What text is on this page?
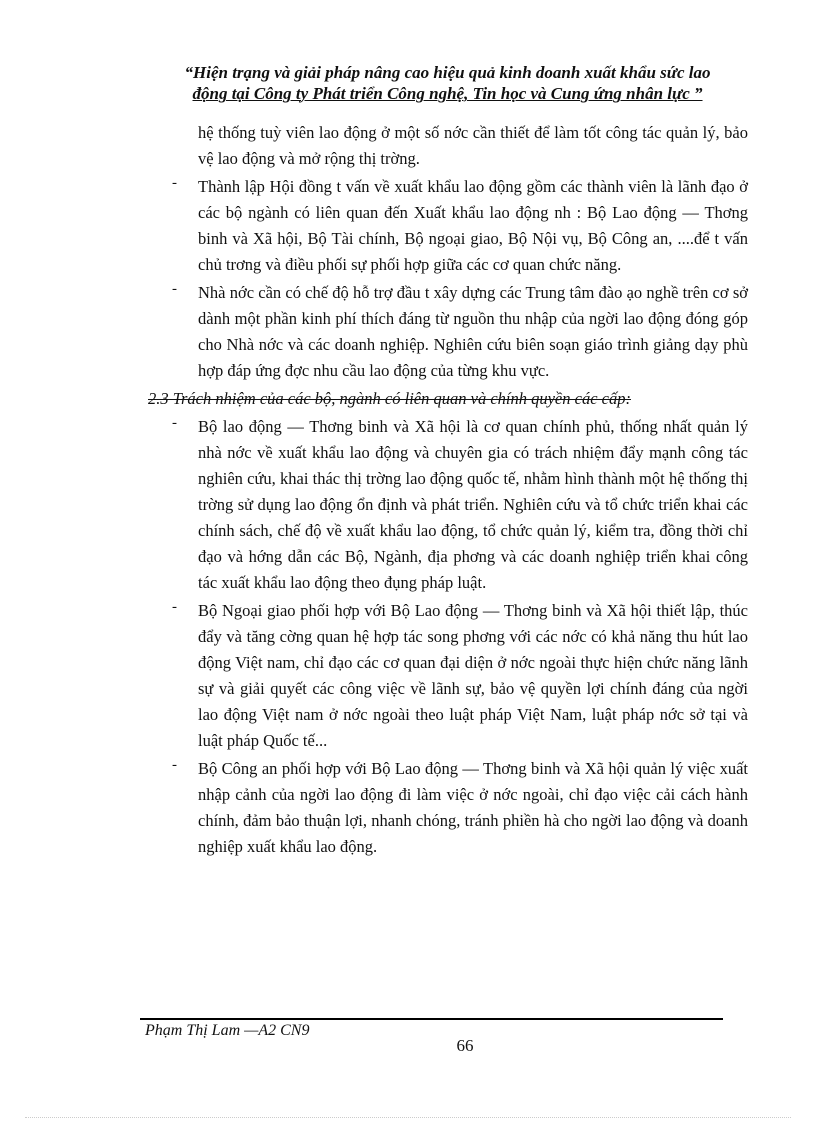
“Hiện trạng và giải pháp nâng cao hiệu quả kinh doanh xuất khẩu sức lao
động tại Công ty Phát triển Công nghệ, Tin học và Cung ứng nhân lực ”
hệ thống tuỳ viên lao động ở một số nớc cần thiết để làm tốt công tác quản lý, bảo vệ lao động và mở rộng thị trờng.
- Thành lập Hội đồng t vấn về xuất khẩu lao động gồm các thành viên là lãnh đạo ở các bộ ngành có liên quan đến Xuất khẩu lao động nh : Bộ Lao động — Thơng binh và Xã hội, Bộ Tài chính, Bộ ngoại giao, Bộ Nội vụ, Bộ Công an, ....để t vấn chủ trơng và điều phối sự phối hợp giữa các cơ quan chức năng.
- Nhà nớc cần có chế độ hỗ trợ đầu t xây dựng các Trung tâm đào ạo nghề trên cơ sở dành một phần kinh phí thích đáng từ nguồn thu nhập của ngời lao động đóng góp cho Nhà nớc và các doanh nghiệp. Nghiên cứu biên soạn giáo trình giảng dạy phù hợp đáp ứng đợc nhu cầu lao động của từng khu vực.
2.3 Trách nhiệm của các bộ, ngành có liên quan và chính quyền các cấp:
- Bộ lao động — Thơng binh và Xã hội là cơ quan chính phủ, thống nhất quản lý nhà nớc về xuất khẩu lao động và chuyên gia có trách nhiệm đẩy mạnh công tác nghiên cứu, khai thác thị trờng lao động quốc tế, nhằm hình thành một hệ thống thị trờng sử dụng lao động ổn định và phát triển. Nghiên cứu và tổ chức triển khai các chính sách, chế độ về xuất khẩu lao động, tổ chức quản lý, kiểm tra, đồng thời chỉ đạo và hớng dẫn các Bộ, Ngành, địa phơng và các doanh nghiệp triển khai công tác xuất khẩu lao động theo đụng pháp luật.
- Bộ Ngoại giao phối hợp với Bộ Lao động — Thơng binh và Xã hội thiết lập, thúc đẩy và tăng cờng quan hệ hợp tác song phơng với các nớc có khả năng thu hút lao động Việt nam, chỉ đạo các cơ quan đại diện ở nớc ngoài thực hiện chức năng lãnh sự và giải quyết các công việc về lãnh sự, bảo vệ quyền lợi chính đáng của ngời lao động Việt nam ở nớc ngoài theo luật pháp Việt Nam, luật pháp nớc sở tại và luật pháp Quốc tế...
- Bộ Công an phối hợp với Bộ Lao động — Thơng binh và Xã hội quản lý việc xuất nhập cảnh của ngời lao động đi làm việc ở nớc ngoài, chỉ đạo việc cải cách hành chính, đảm bảo thuận lợi, nhanh chóng, tránh phiền hà cho ngời lao động và doanh nghiệp xuất khẩu lao động.
Phạm Thị Lam —A2 CN9
66
